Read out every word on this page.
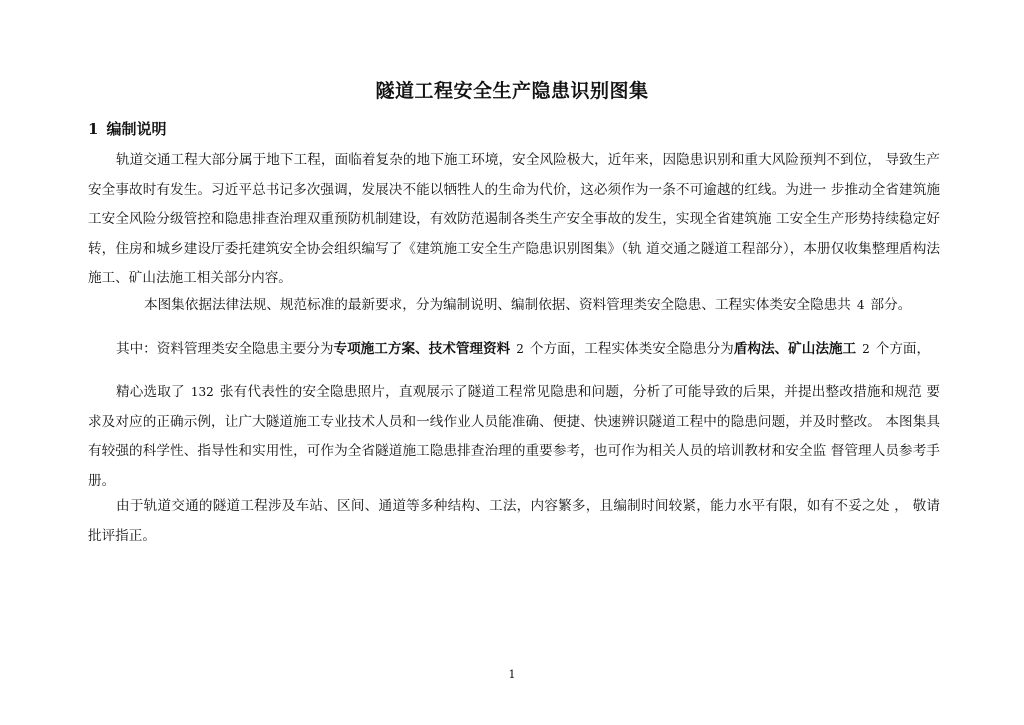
隧道工程安全生产隐患识别图集
1 编制说明
轨道交通工程大部分属于地下工程，面临着复杂的地下施工环境，安全风险极大，近年来，因隐患识别和重大风险预判不到位， 导致生产安全事故时有发生。习近平总书记多次强调，发展决不能以牺牲人的生命为代价，这必须作为一条不可逾越的红线。为进一 步推动全省建筑施工安全风险分级管控和隐患排查治理双重预防机制建设，有效防范遏制各类生产安全事故的发生，实现全省建筑施 工安全生产形势持续稳定好转，住房和城乡建设厅委托建筑安全协会组织编写了《建筑施工安全生产隐患识别图集》（轨 道交通之隧道工程部分），本册仅收集整理盾构法施工、矿山法施工相关部分内容。
本图集依据法律法规、规范标准的最新要求，分为编制说明、编制依据、资料管理类安全隐患、工程实体类安全隐患共 4 部分。
其中：资料管理类安全隐患主要分为专项施工方案、技术管理资料 2 个方面，工程实体类安全隐患分为盾构法、矿山法施工 2 个方面，
精心选取了 132 张有代表性的安全隐患照片，直观展示了隧道工程常见隐患和问题，分析了可能导致的后果，并提出整改措施和规范 要求及对应的正确示例，让广大隧道施工专业技术人员和一线作业人员能准确、便捷、快速辨识隧道工程中的隐患问题，并及时整改。 本图集具有较强的科学性、指导性和实用性，可作为全省隧道施工隐患排查治理的重要参考，也可作为相关人员的培训教材和安全监 督管理人员参考手册。
由于轨道交通的隧道工程涉及车站、区间、通道等多种结构、工法，内容繁多，且编制时间较紧，能力水平有限，如有不妥之处 ， 敬请批评指正。
1
